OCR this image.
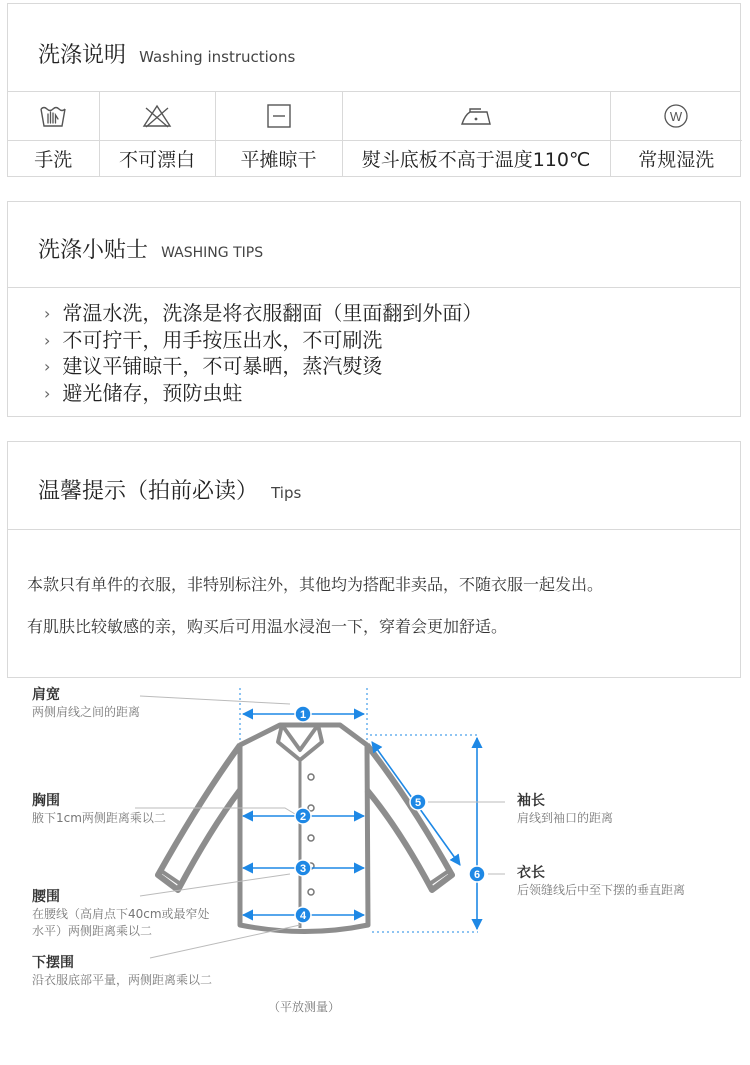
洗涤说明 Washing instructions

W

手洗	不可漂白	平摊晾干	熨斗底板不高于温度110℃	常规湿洗
洗涤小贴士 WASHING TIPS
› 常温水洗，洗涤是将衣服翻面（里面翻到外面）
› 不可拧干，用手按压出水，不可刷洗
› 建议平铺晾干，不可暴晒，蒸汽熨烫
› 避光储存，预防虫蛀
温馨提示（拍前必读） Tips
本款只有单件的衣服，非特别标注外，其他均为搭配非卖品，不随衣服一起发出。
有肌肤比较敏感的亲，购买后可用温水浸泡一下，穿着会更加舒适。
1
2
3
4
5
6
肩宽
两侧肩线之间的距离
胸围
腋下1cm两侧距离乘以二
腰围
在腰线（高肩点下40cm或最窄处
水平）两侧距离乘以二
下摆围
沿衣服底部平量，两侧距离乘以二
袖长
肩线到袖口的距离
衣长
后领缝线后中至下摆的垂直距离
（平放测量）
